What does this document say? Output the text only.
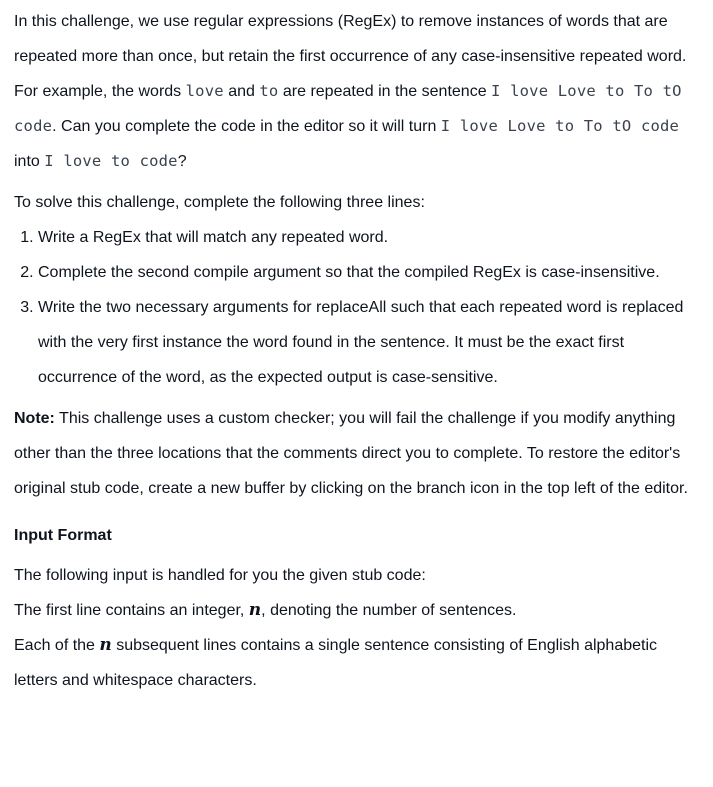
In this challenge, we use regular expressions (RegEx) to remove instances of words that are repeated more than once, but retain the first occurrence of any case-insensitive repeated word. For example, the words love and to are repeated in the sentence I love Love to To tO code. Can you complete the code in the editor so it will turn I love Love to To tO code into I love to code?

To solve this challenge, complete the following three lines:

1. Write a RegEx that will match any repeated word.
2. Complete the second compile argument so that the compiled RegEx is case-insensitive.
3. Write the two necessary arguments for replaceAll such that each repeated word is replaced with the very first instance the word found in the sentence. It must be the exact first occurrence of the word, as the expected output is case-sensitive.

Note: This challenge uses a custom checker; you will fail the challenge if you modify anything other than the three locations that the comments direct you to complete. To restore the editor's original stub code, create a new buffer by clicking on the branch icon in the top left of the editor.

Input Format

The following input is handled for you the given stub code:

The first line contains an integer, n, denoting the number of sentences.

Each of the n subsequent lines contains a single sentence consisting of English alphabetic letters and whitespace characters.
